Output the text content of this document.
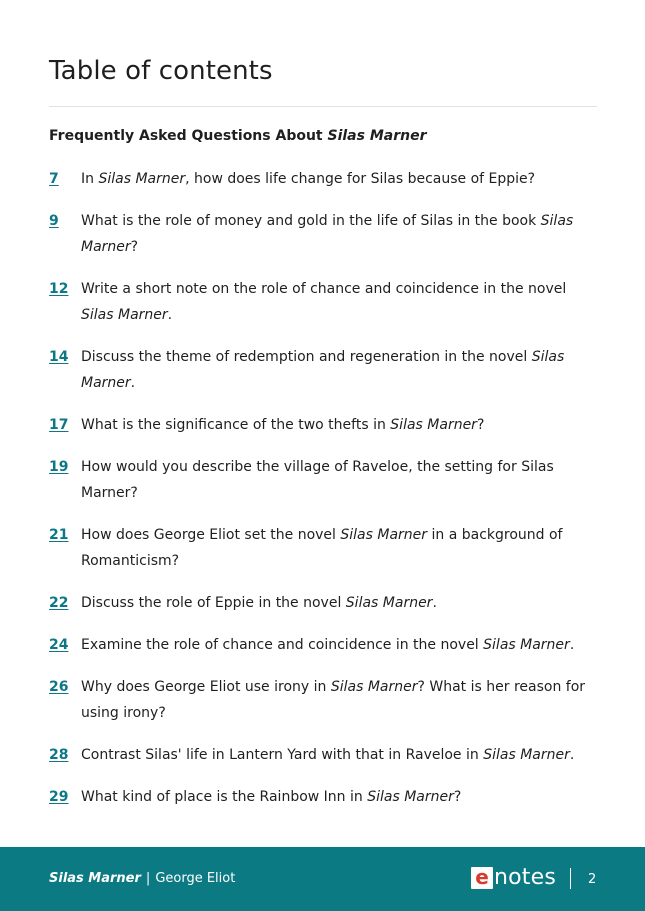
Table of contents
Frequently Asked Questions About Silas Marner
7	In Silas Marner, how does life change for Silas because of Eppie?
9	What is the role of money and gold in the life of Silas in the book Silas Marner?
12 Write a short note on the role of chance and coincidence in the novel Silas Marner.
14 Discuss the theme of redemption and regeneration in the novel Silas Marner.
17 What is the significance of the two thefts in Silas Marner?
19 How would you describe the village of Raveloe, the setting for Silas Marner?
21 How does George Eliot set the novel Silas Marner in a background of Romanticism?
22 Discuss the role of Eppie in the novel Silas Marner.
24 Examine the role of chance and coincidence in the novel Silas Marner.
26 Why does George Eliot use irony in Silas Marner? What is her reason for using irony?
28 Contrast Silas' life in Lantern Yard with that in Raveloe in Silas Marner.
29 What kind of place is the Rainbow Inn in Silas Marner?
Silas Marner | George Eliot	e notes 2
